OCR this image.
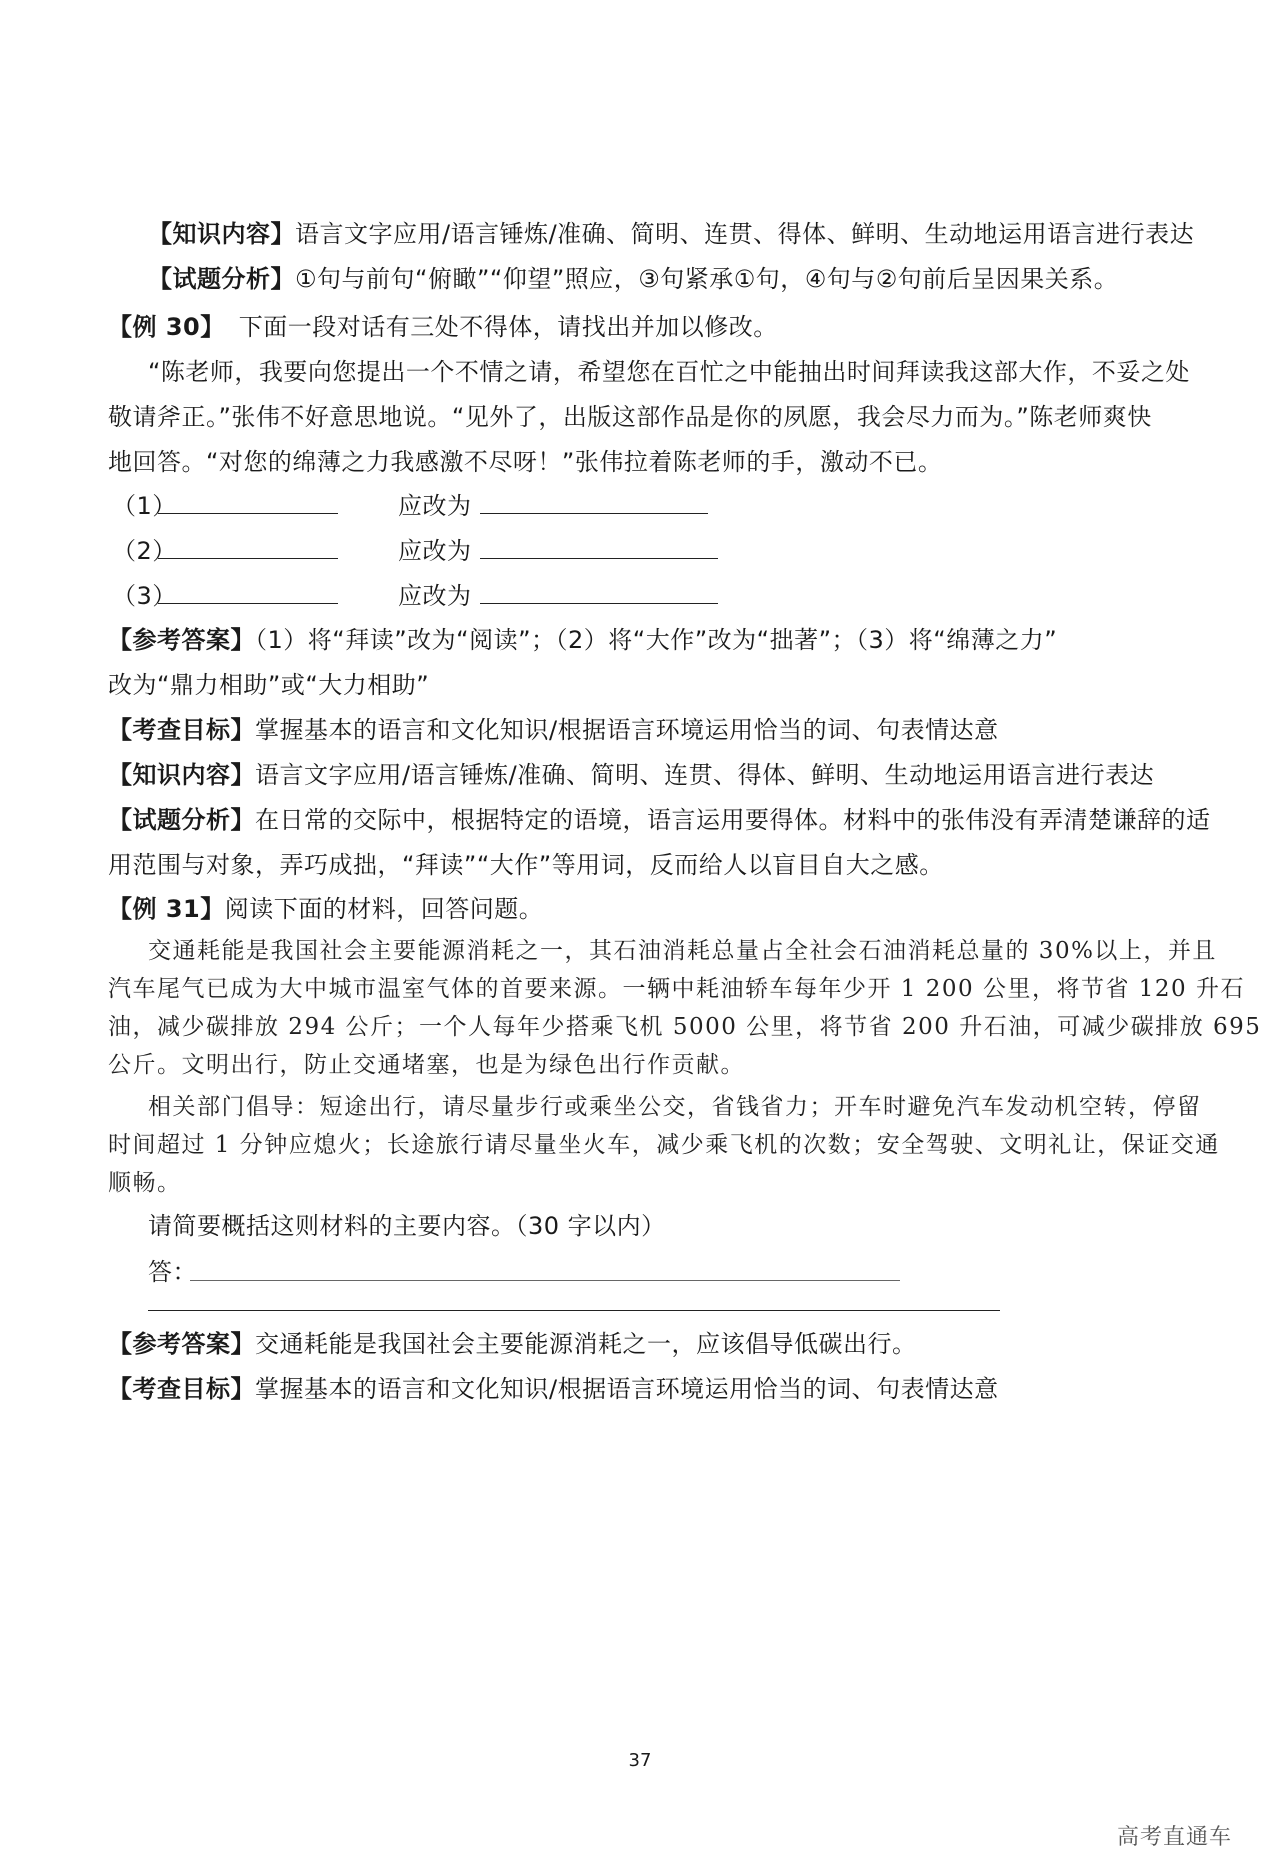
【知识内容】语言文字应用/语言锤炼/准确、简明、连贯、得体、鲜明、生动地运用语言进行表达
【试题分析】①句与前句“俯瞰”“仰望”照应，③句紧承①句，④句与②句前后呈因果关系。
【例 30】 下面一段对话有三处不得体，请找出并加以修改。
“陈老师，我要向您提出一个不情之请，希望您在百忙之中能抽出时间拜读我这部大作，不妥之处
敬请斧正。”张伟不好意思地说。“见外了，出版这部作品是你的夙愿，我会尽力而为。”陈老师爽快
地回答。“对您的绵薄之力我感激不尽呀！”张伟拉着陈老师的手，激动不已。
（1）	应改为
（2）	应改为
（3）	应改为
【参考答案】（1）将“拜读”改为“阅读”；（2）将“大作”改为“拙著”；（3）将“绵薄之力”
改为“鼎力相助”或“大力相助”
【考查目标】掌握基本的语言和文化知识/根据语言环境运用恰当的词、句表情达意
【知识内容】语言文字应用/语言锤炼/准确、简明、连贯、得体、鲜明、生动地运用语言进行表达
【试题分析】在日常的交际中，根据特定的语境，语言运用要得体。材料中的张伟没有弄清楚谦辞的适
用范围与对象，弄巧成拙，“拜读”“大作”等用词，反而给人以盲目自大之感。
【例 31】阅读下面的材料，回答问题。
交通耗能是我国社会主要能源消耗之一，其石油消耗总量占全社会石油消耗总量的 30%以上，并且
汽车尾气已成为大中城市温室气体的首要来源。一辆中耗油轿车每年少开 1 200 公里，将节省 120 升石
油，减少碳排放 294 公斤；一个人每年少搭乘飞机 5000 公里，将节省 200 升石油，可减少碳排放 695
公斤。文明出行，防止交通堵塞，也是为绿色出行作贡献。
相关部门倡导：短途出行，请尽量步行或乘坐公交，省钱省力；开车时避免汽车发动机空转，停留
时间超过 1 分钟应熄火；长途旅行请尽量坐火车，减少乘飞机的次数；安全驾驶、文明礼让，保证交通
顺畅。
请简要概括这则材料的主要内容。（30 字以内）
答：
【参考答案】交通耗能是我国社会主要能源消耗之一，应该倡导低碳出行。
【考查目标】掌握基本的语言和文化知识/根据语言环境运用恰当的词、句表情达意
37
高考直通车
